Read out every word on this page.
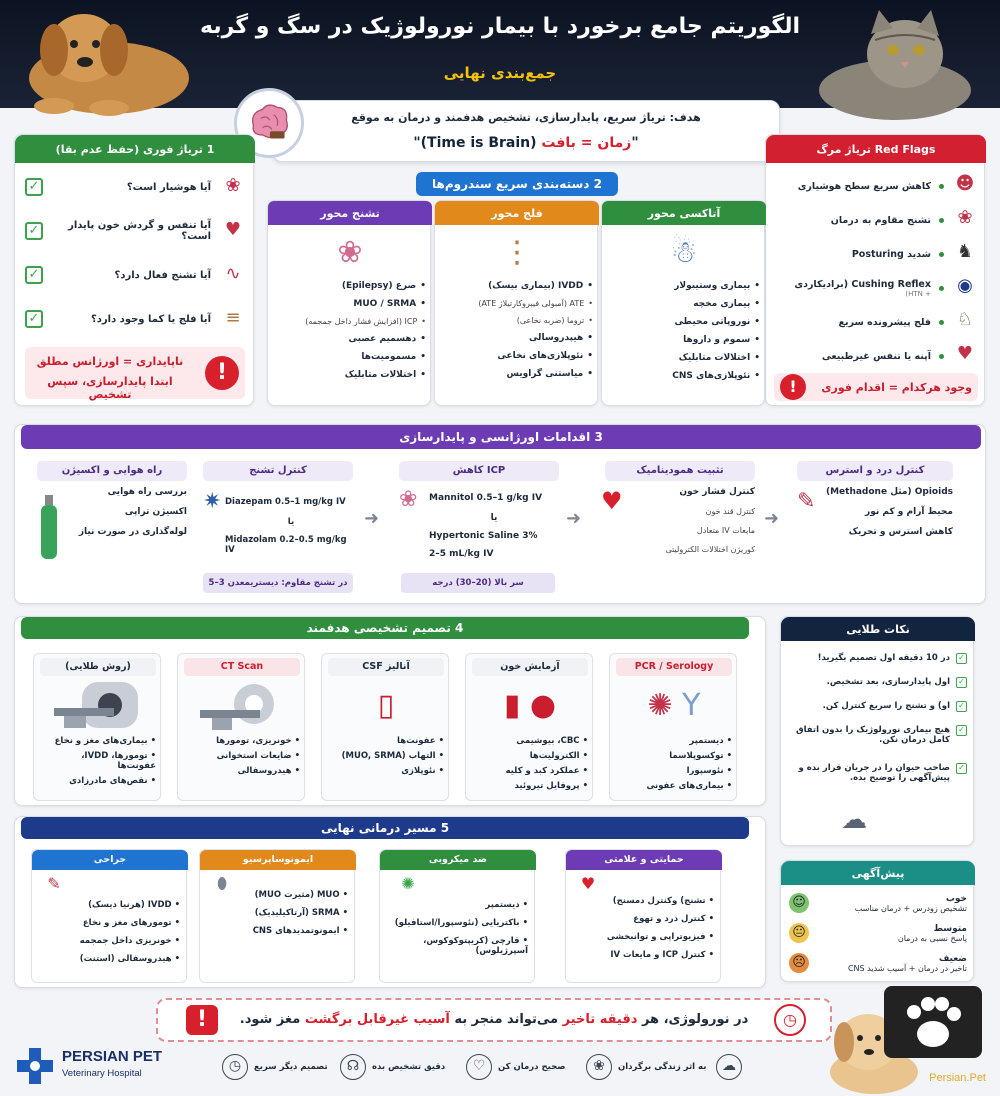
الگوریتم جامع برخورد با بیمار نورولوژیک در سگ و گربه
جمع‌بندی نهایی
هدف: تریاژ سریع، پایدارسازی، تشخیص هدفمند و درمان به موقع
"(Time is Brain) زمان = بافت"
1 تریاژ فوری (حفظ عدم بقا)
✓	آیا هوشیار است؟ ❀
✓	آیا تنفس و گردش خون پایدار است؟ ♥
✓	آیا تشنج فعال دارد؟ ∿
✓	آیا فلج یا کما وجود دارد؟ ≡
ناپایداری = اورژانس مطلق
ابتدا پایدارسازی، سپس تشخیص
!
Red Flags تریاژ مرگ
کاهش سریع سطح هوشیاری ☻
تشنج مقاوم به درمان	❀
شدید Posturing ♞
Cushing Reflex (برادیکاردی
+ HTN) ◉
فلج پیشرونده سریع ♘
آپنه یا تنفس غیرطبیعی ♥
!	وجود هرکدام = اقدام فوری
2 دسته‌بندی سریع سندروم‌ها
آتاکسی محور
☃
• بیماری وستیبولار
• بیماری مخچه
• نوروپاتی محیطی
• سموم و داروها
• اختلالات متابلیک
• نئوپلازی‌های CNS
فلج محور
⋮
• IVDD (بیماری بیسک)
• ATE (آمبولی فیبروکارتیلاژ ATE)
• تروما (ضربه نخاعی)
• هیپدروسالی
• نئوپلازی‌های نخاعی
• میاستنی گراویس
تشنج محور
❀
• صرع (Epilepsy)
• MUO / SRMA
• ICP (افزایش فشار داخل جمجمه)
• دهسمیم عصبی
• مسمومیت‌ها
• اختلالات متابلیک
3 اقدامات اورژانسی و پایدارسازی
کنترل درد و استرس
✎	Opioids (مثل Methadone)
محیط آرام و کم نور
کاهش استرس و تحریک
تثبیت همودینامیک
♥	کنترل فشار خون
کنترل قند خون
مایعات IV متعادل
کوریژن اختلالات الکترولیتی
کاهش ICP
❀ Mannitol 0.5–1 g/kg IV
یا
Hypertonic Saline 3%
2–5 mL/kg IV
سر بالا (20–30) درجه
کنترل تشنج
✷ Diazepam 0.5–1 mg/kg IV
یا
Midazolam 0.2–0.5 mg/kg IV
در تشنج مقاوم: دیستریمعدن 3–5
راه هوایی و اکسیژن
بررسی راه هوایی
اکسیژن تراپی
لوله‌گذاری در صورت نیاز
➜
➜
➜
4 تصمیم تشخیصی هدفمند
PCR / Serology
✺ Y
• دیستمپر
• توکسوپلاسما
• نئوسپورا
• بیماری‌های عفونی
آزمایش خون
▮ ●
• CBC، بیوشیمی
• الکترولیت‌ها
• عملکرد کبد و کلیه
• پروفایل تیروئید
آنالیز CSF
▯
• عفونت‌ها
• التهاب (MUO, SRMA)
• نئوپلازی
CT Scan
• خونریزی، تومورها
• ضایعات استخوانی
• هیدروسفالی
(روش طلایی)
• بیماری‌های مغز و نخاع
• تومورها، IVDD، عفونت‌ها
• نقص‌های مادرزادی
نکات طلایی
در 10 دقیقه اول تصمیم بگیرید! ✓
اول پایدارسازی، بعد تشخیص. ✓
او) و تشنج را سریع کنترل کن. ✓
هیچ بیماری نورولوژیک را بدون اتفاق کامل درمان نکن.
✓
صاحب حیوان را در جریان قرار بده و پیش‌آگهی را توضیح بده.
✓
☁
پیش‌آگهی
☺	خوب
تشخیص زودرس + درمان مناسب
😐	متوسط
پاسخ نسبی به درمان
☹	ضعیف
تاخیر در درمان + آسیب شدید CNS
5 مسیر درمانی نهایی
حمایتی و علامتی
♥
• تشنج) وکنترل دمسنج)
• کنترل درد و تهوع
• فیزیوتراپی و توانبخشی
• کنترل ICP و مایعات IV
ضد میکروبی
✺
• دیستمپر
• باکتریایی (نئوسپورا/استافیلو)
• قارچی (کریپتوکوکوس، آسپرژیلوس)
ایمونوساپرسیو
⬮
• MUO (مثیرت MUO)
• SRMA (آرتاکیلیدیک)
• ایمونوتمدیدهای CNS
جراحی
✎
• IVDD (هرنیا دیسک)
• تومورهای مغز و نخاع
• خونریزی داخل جمجمه
• هیدروسفالی (استنت)
!	در نورولوژی، هر دقیقه تاخیر می‌تواند منجر به آسیب غیرقابل برگشت مغز شود.	◷
PERSIAN PET
Veterinary Hospital	◷	تصمیم دیگر سریع	☊	دقیق تشخیص بده	♡	صحیح درمان کن	❀	به اثر زندگی برگردان	☁
Persian.Pet
